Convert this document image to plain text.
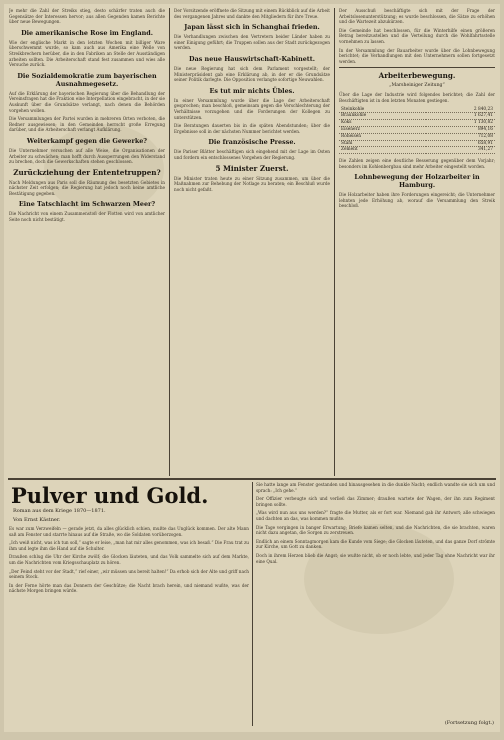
Je mehr die Zahl der Streiks stieg, desto schärfer traten auch die Gegensätze der Interessen hervor; aus allen Gegenden kamen Berichte über neue Bewegungen.

Die amerikanische Rose im England.

Wie der englische Markt in den letzten Wochen mit billiger Ware überschwemmt wurde, so kam auch aus Amerika eine Welle von Streikbrechern herüber, die in den Fabriken an Stelle der Ausständigen arbeiten sollten. Die Arbeiterschaft stand fest zusammen und wies alle Versuche zurück.

Die Sozialdemokratie zum bayerischen Ausnahmegesetz.

Auf die Erklärung der bayerischen Regierung über die Behandlung der Vereinsfragen hat die Fraktion eine Interpellation eingebracht, in der sie Auskunft über die Grundsätze verlangt, nach denen die Behörden vorgehen wollen.

Die Versammlungen der Partei wurden in mehreren Orten verboten, die Redner ausgewiesen; in den Gemeinden herrscht große Erregung darüber, und die Arbeiterschaft verlangt Aufklärung.

Weiterkampf gegen die Gewerke?

Die Unternehmer versuchen auf alle Weise, die Organisationen der Arbeiter zu schwächen; man hofft durch Aussperrungen den Widerstand zu brechen, doch die Gewerkschaften stehen geschlossen.

Zurückziehung der Ententetruppen?

Nach Meldungen aus Paris soll die Räumung des besetzten Gebietes in nächster Zeit erfolgen; die Regierung hat jedoch noch keine amtliche Bestätigung gegeben.

Eine Tatschlacht im Schwarzen Meer?

Die Nachricht von einem Zusammenstoß der Flotten wird von amtlicher Seite noch nicht bestätigt.

Der Vorsitzende eröffnete die Sitzung mit einem Rückblick auf die Arbeit des vergangenen Jahres und dankte den Mitgliedern für ihre Treue.

Japan lässt sich in Schanghai frieden.

Die Verhandlungen zwischen den Vertretern beider Länder haben zu einer Einigung geführt; die Truppen sollen aus der Stadt zurückgezogen werden.

Das neue Hauswirtschaft-Kabinett.

Die neue Regierung hat sich dem Parlament vorgestellt; der Ministerpräsident gab eine Erklärung ab, in der er die Grundsätze seiner Politik darlegte. Die Opposition verlangte sofortige Neuwahlen.

Es tut mir nichts Übles.

In einer Versammlung wurde über die Lage der Arbeiterschaft gesprochen; man beschloß, gemeinsam gegen die Verschlechterung der Verhältnisse vorzugehen und die Forderungen der Kollegen zu unterstützen.

Die Beratungen dauerten bis in die späten Abendstunden; über die Ergebnisse soll in der nächsten Nummer berichtet werden.

Die französische Presse.

Die Pariser Blätter beschäftigen sich eingehend mit der Lage im Osten und fordern ein entschlossenes Vorgehen der Regierung.

5 Minister Zuerst.

Die Minister traten heute zu einer Sitzung zusammen, um über die Maßnahmen zur Behebung der Notlage zu beraten; ein Beschluß wurde noch nicht gefaßt.

Der Ausschuß beschäftigte sich mit der Frage der Arbeitslosenunterstützung; es wurde beschlossen, die Sätze zu erhöhen und die Wartezeit abzukürzen.

Die Gemeinde hat beschlossen, für die Winterhilfe einen größeren Betrag bereitzustellen und die Verteilung durch die Wohlfahrtsstelle vornehmen zu lassen.

In der Versammlung der Bauarbeiter wurde über die Lohnbewegung berichtet; die Verhandlungen mit den Unternehmern sollen fortgesetzt werden.

Arbeiterbewegung.
„Marsheiniger Zeitung“

Über die Lage der Industrie wird folgendes berichtet; die Zahl der Beschäftigten ist in den letzten Monaten gestiegen.

Steinkohle	2 840,23
Braunkohle	1 627,41
Koks	1 130,82
Eisenerz	894,16
Roheisen	712,08
Stahl	658,91
Zement	341,27

Die Zahlen zeigen eine deutliche Besserung gegenüber dem Vorjahr; besonders im Kohlenbergbau sind mehr Arbeiter eingestellt worden.

Lohnbewegung der Holzarbeiter in Hamburg.

Die Holzarbeiter haben ihre Forderungen eingereicht; die Unternehmer lehnten jede Erhöhung ab, worauf die Versammlung den Streik beschloß.

Pulver und Gold.
Roman aus dem Kriege 1870—1871.
Von Ernst Kästner.

Es war zum Verzweifeln — gerade jetzt, da alles glücklich schien, mußte das Unglück kommen. Der alte Mann saß am Fenster und starrte hinaus auf die Straße, wo die Soldaten vorüberzogen.

„Ich weiß nicht, was ich tun soll,“ sagte er leise, „man hat mir alles genommen, was ich besaß.“ Die Frau trat zu ihm und legte ihm die Hand auf die Schulter.

Draußen schlug die Uhr der Kirche zwölf; die Glocken läuteten, und das Volk sammelte sich auf dem Markte, um die Nachrichten vom Kriegsschauplatz zu hören.

„Der Feind steht vor der Stadt,“ rief einer, „wir müssen uns bereit halten!“ Da erhob sich der Alte und griff nach seinem Stock.

In der Ferne hörte man das Donnern der Geschütze; die Nacht brach herein, und niemand wußte, was der nächste Morgen bringen würde.

Sie hatte lange am Fenster gestanden und hinausgesehen in die dunkle Nacht; endlich wandte sie sich um und sprach: „Ich gehe.“

Der Offizier verbeugte sich und verließ das Zimmer; draußen wartete der Wagen, der ihn zum Regiment bringen sollte.

„Was wird nun aus uns werden?“ fragte die Mutter, als er fort war. Niemand gab ihr Antwort; alle schwiegen und dachten an das, was kommen mußte.

Die Tage vergingen in banger Erwartung; Briefe kamen selten, und die Nachrichten, die sie brachten, waren nicht dazu angetan, die Sorgen zu zerstreuen.

Endlich an einem Sonntagmorgen kam die Kunde vom Siege; die Glocken läuteten, und das ganze Dorf strömte zur Kirche, um Gott zu danken.

Doch in ihrem Herzen blieb die Angst; sie wußte nicht, ob er noch lebte, und jeder Tag ohne Nachricht war ihr eine Qual.

(Fortsetzung folgt.)
